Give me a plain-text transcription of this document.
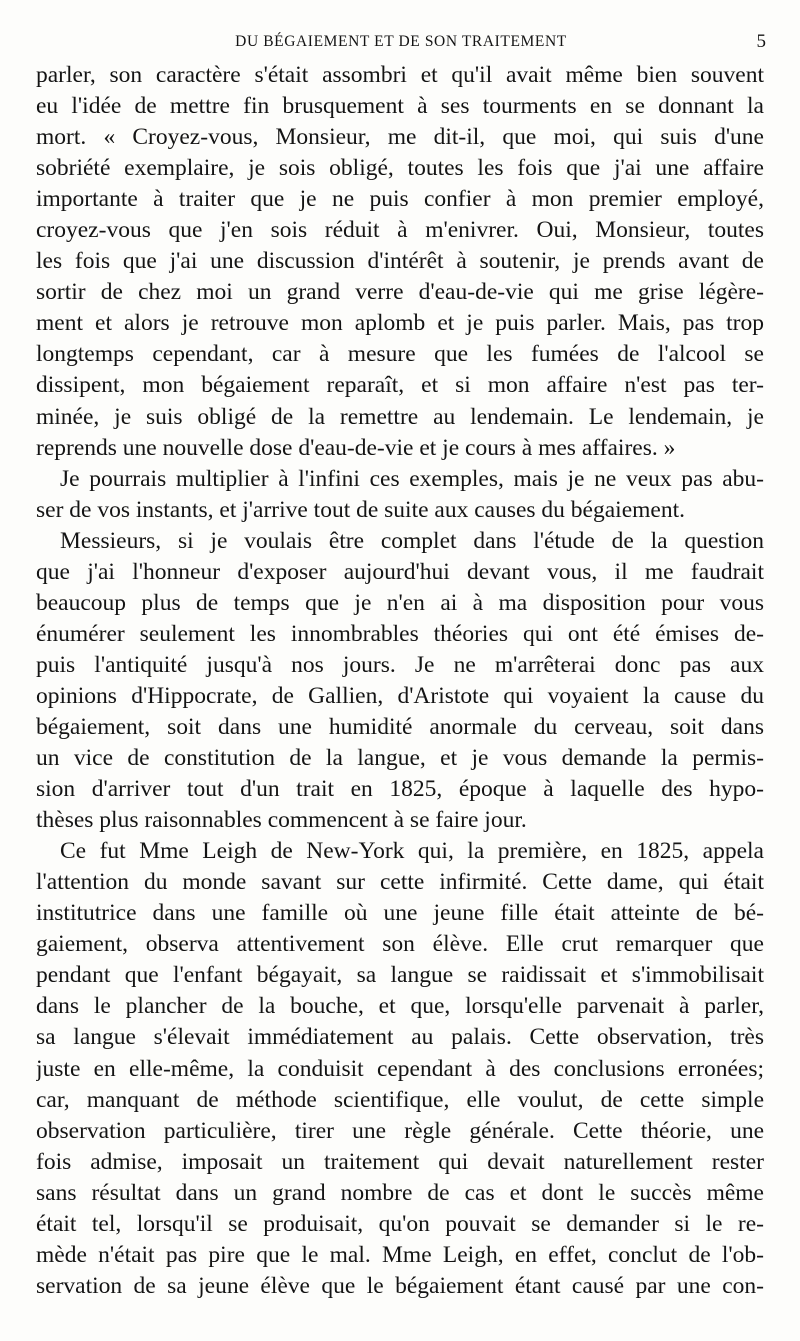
DU BÉGAIEMENT ET DE SON TRAITEMENT	5
parler, son caractère s'était assombri et qu'il avait même bien souvent
eu l'idée de mettre fin brusquement à ses tourments en se donnant la
mort. « Croyez-vous, Monsieur, me dit-il, que moi, qui suis d'une
sobriété exemplaire, je sois obligé, toutes les fois que j'ai une affaire
importante à traiter que je ne puis confier à mon premier employé,
croyez-vous que j'en sois réduit à m'enivrer. Oui, Monsieur, toutes
les fois que j'ai une discussion d'intérêt à soutenir, je prends avant de
sortir de chez moi un grand verre d'eau-de-vie qui me grise légère-
ment et alors je retrouve mon aplomb et je puis parler. Mais, pas trop
longtemps cependant, car à mesure que les fumées de l'alcool se
dissipent, mon bégaiement reparaît, et si mon affaire n'est pas ter-
minée, je suis obligé de la remettre au lendemain. Le lendemain, je
reprends une nouvelle dose d'eau-de-vie et je cours à mes affaires. »
Je pourrais multiplier à l'infini ces exemples, mais je ne veux pas abu-
ser de vos instants, et j'arrive tout de suite aux causes du bégaiement.
Messieurs, si je voulais être complet dans l'étude de la question
que j'ai l'honneur d'exposer aujourd'hui devant vous, il me faudrait
beaucoup plus de temps que je n'en ai à ma disposition pour vous
énumérer seulement les innombrables théories qui ont été émises de-
puis l'antiquité jusqu'à nos jours. Je ne m'arrêterai donc pas aux
opinions d'Hippocrate, de Gallien, d'Aristote qui voyaient la cause du
bégaiement, soit dans une humidité anormale du cerveau, soit dans
un vice de constitution de la langue, et je vous demande la permis-
sion d'arriver tout d'un trait en 1825, époque à laquelle des hypo-
thèses plus raisonnables commencent à se faire jour.
Ce fut Mme Leigh de New-York qui, la première, en 1825, appela
l'attention du monde savant sur cette infirmité. Cette dame, qui était
institutrice dans une famille où une jeune fille était atteinte de bé-
gaiement, observa attentivement son élève. Elle crut remarquer que
pendant que l'enfant bégayait, sa langue se raidissait et s'immobilisait
dans le plancher de la bouche, et que, lorsqu'elle parvenait à parler,
sa langue s'élevait immédiatement au palais. Cette observation, très
juste en elle-même, la conduisit cependant à des conclusions erronées;
car, manquant de méthode scientifique, elle voulut, de cette simple
observation particulière, tirer une règle générale. Cette théorie, une
fois admise, imposait un traitement qui devait naturellement rester
sans résultat dans un grand nombre de cas et dont le succès même
était tel, lorsqu'il se produisait, qu'on pouvait se demander si le re-
mède n'était pas pire que le mal. Mme Leigh, en effet, conclut de l'ob-
servation de sa jeune élève que le bégaiement étant causé par une con-
